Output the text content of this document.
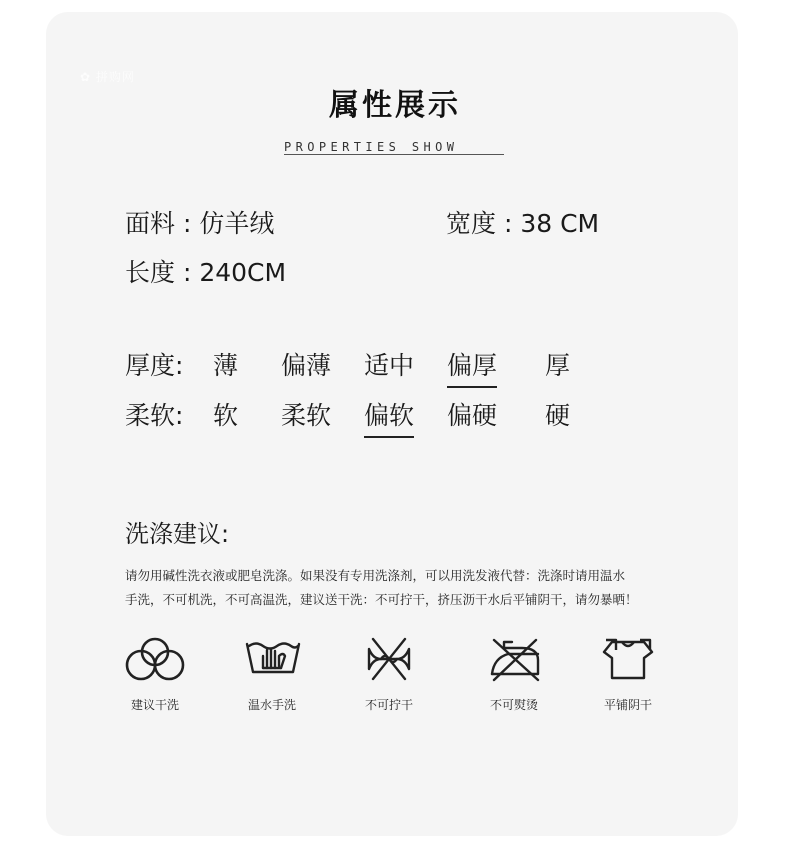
✿ 拼购网
属性展示
PROPERTIES SHOW
面料 : 仿羊绒	宽度 : 38 CM
长度 : 240CM
厚度: 薄 偏薄 适中 偏厚 厚
柔软: 软 柔软 偏软 偏硬 硬
洗涤建议:
请勿用碱性洗衣液或肥皂洗涤。如果没有专用洗涤剂，可以用洗发液代替：洗涤时请用温水
手洗，不可机洗，不可高温洗，建议送干洗：不可拧干，挤压沥干水后平铺阴干，请勿暴晒！
建议干洗	温水手洗	不可拧干	不可熨烫	平铺阴干
